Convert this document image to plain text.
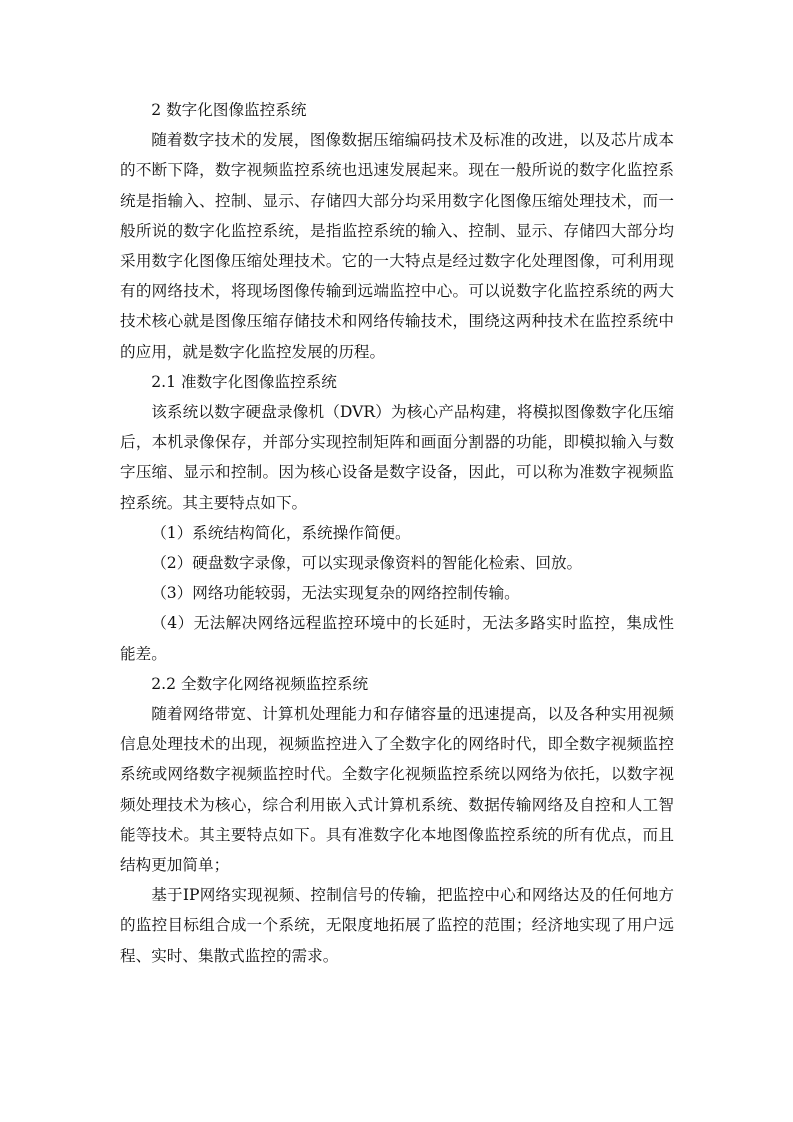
2 数字化图像监控系统

随着数字技术的发展，图像数据压缩编码技术及标准的改进，以及芯片成本的不断下降，数字视频监控系统也迅速发展起来。现在一般所说的数字化监控系统是指输入、控制、显示、存储四大部分均采用数字化图像压缩处理技术，而一般所说的数字化监控系统，是指监控系统的输入、控制、显示、存储四大部分均采用数字化图像压缩处理技术。它的一大特点是经过数字化处理图像，可利用现有的网络技术，将现场图像传输到远端监控中心。可以说数字化监控系统的两大技术核心就是图像压缩存储技术和网络传输技术，围绕这两种技术在监控系统中的应用，就是数字化监控发展的历程。

2.1 准数字化图像监控系统

该系统以数字硬盘录像机（DVR）为核心产品构建，将模拟图像数字化压缩后，本机录像保存，并部分实现控制矩阵和画面分割器的功能，即模拟输入与数字压缩、显示和控制。因为核心设备是数字设备，因此，可以称为准数字视频监控系统。其主要特点如下。

（1）系统结构简化，系统操作简便。

（2）硬盘数字录像，可以实现录像资料的智能化检索、回放。

（3）网络功能较弱，无法实现复杂的网络控制传输。

（4）无法解决网络远程监控环境中的长延时，无法多路实时监控，集成性能差。

2.2 全数字化网络视频监控系统

随着网络带宽、计算机处理能力和存储容量的迅速提高，以及各种实用视频信息处理技术的出现，视频监控进入了全数字化的网络时代，即全数字视频监控系统或网络数字视频监控时代。全数字化视频监控系统以网络为依托，以数字视频处理技术为核心，综合利用嵌入式计算机系统、数据传输网络及自控和人工智能等技术。其主要特点如下。具有准数字化本地图像监控系统的所有优点，而且结构更加简单；

基于IP网络实现视频、控制信号的传输，把监控中心和网络达及的任何地方的监控目标组合成一个系统，无限度地拓展了监控的范围；经济地实现了用户远程、实时、集散式监控的需求。
